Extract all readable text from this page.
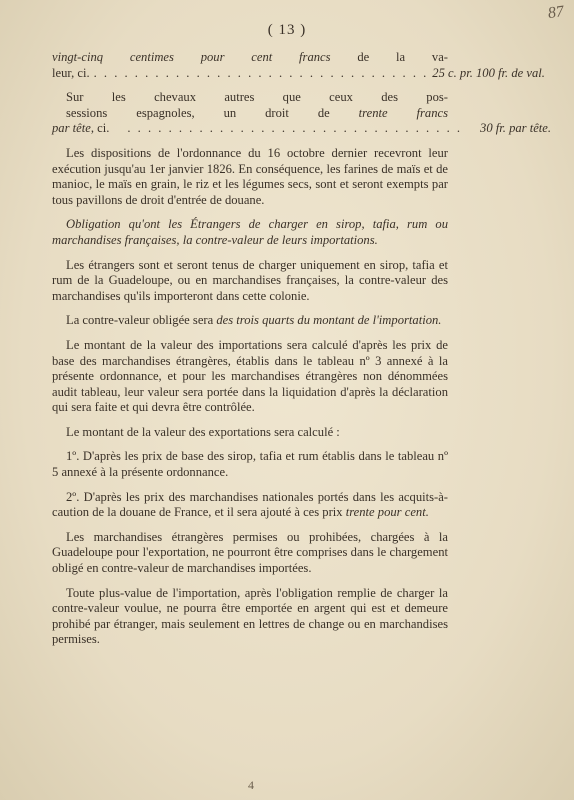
87
( 13 )

vingt-cinq centimes pour cent francs de la va-
leur, ci. . . . . . . . . . . . . . . . . . . . . . . . . . . . . . . . . . 25 c. pr. 100 fr. de val.

Sur les chevaux autres que ceux des pos-
sessions espagnoles, un droit de trente francs
par tête, ci.	. . . . . . . . . . . . . . . . . . . . . . . . . . . . . . . . .	30 fr. par tête.

Les dispositions de l'ordonnance du 16 octobre dernier recevront leur exécution jusqu'au 1er janvier 1826. En conséquence, les farines de maïs et de manioc, le maïs en grain, le riz et les légumes secs, sont et seront exempts par tous pavillons de droit d'entrée de douane.

Obligation qu'ont les Étrangers de charger en sirop, tafia, rum ou marchandises françaises, la contre-valeur de leurs importations.

Les étrangers sont et seront tenus de charger uniquement en sirop, tafia et rum de la Guadeloupe, ou en marchandises françaises, la contre-valeur des marchandises qu'ils importeront dans cette colonie.

La contre-valeur obligée sera des trois quarts du montant de l'importation.

Le montant de la valeur des importations sera calculé d'après les prix de base des marchandises étrangères, établis dans le tableau nº 3 annexé à la présente ordonnance, et pour les marchandises étrangères non dénommées audit tableau, leur valeur sera portée dans la liquidation d'après la déclaration qui sera faite et qui devra être contrôlée.

Le montant de la valeur des exportations sera calculé :

1º. D'après les prix de base des sirop, tafia et rum établis dans le tableau nº 5 annexé à la présente ordonnance.

2º. D'après les prix des marchandises nationales portés dans les acquits-à-caution de la douane de France, et il sera ajouté à ces prix trente pour cent.

Les marchandises étrangères permises ou prohibées, chargées à la Guadeloupe pour l'exportation, ne pourront être comprises dans le chargement obligé en contre-valeur de marchandises importées.

Toute plus-value de l'importation, après l'obligation remplie de charger la contre-valeur voulue, ne pourra être emportée en argent qui est et demeure prohibé par étranger, mais seulement en lettres de change ou en marchandises permises.

4
